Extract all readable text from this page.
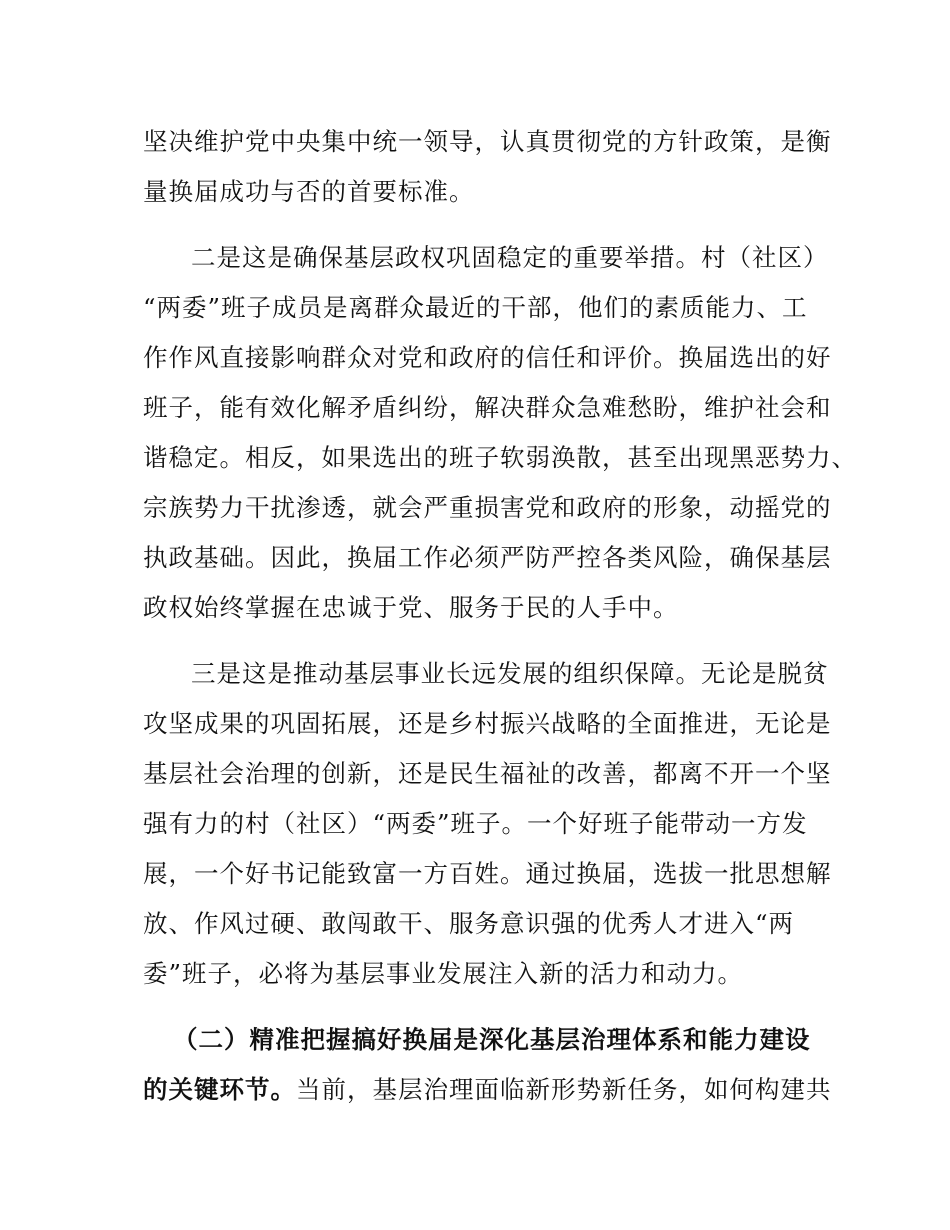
坚决维护党中央集中统一领导，认真贯彻党的方针政策，是衡
量换届成功与否的首要标准。
二是这是确保基层政权巩固稳定的重要举措。村（社区）
“两委”班子成员是离群众最近的干部，他们的素质能力、工
作作风直接影响群众对党和政府的信任和评价。换届选出的好
班子，能有效化解矛盾纠纷，解决群众急难愁盼，维护社会和
谐稳定。相反，如果选出的班子软弱涣散，甚至出现黑恶势力、
宗族势力干扰渗透，就会严重损害党和政府的形象，动摇党的
执政基础。因此，换届工作必须严防严控各类风险，确保基层
政权始终掌握在忠诚于党、服务于民的人手中。
三是这是推动基层事业长远发展的组织保障。无论是脱贫
攻坚成果的巩固拓展，还是乡村振兴战略的全面推进，无论是
基层社会治理的创新，还是民生福祉的改善，都离不开一个坚
强有力的村（社区）“两委”班子。一个好班子能带动一方发
展，一个好书记能致富一方百姓。通过换届，选拔一批思想解
放、作风过硬、敢闯敢干、服务意识强的优秀人才进入“两
委”班子，必将为基层事业发展注入新的活力和动力。
（二）精准把握搞好换届是深化基层治理体系和能力建设
的关键环节。当前，基层治理面临新形势新任务，如何构建共
